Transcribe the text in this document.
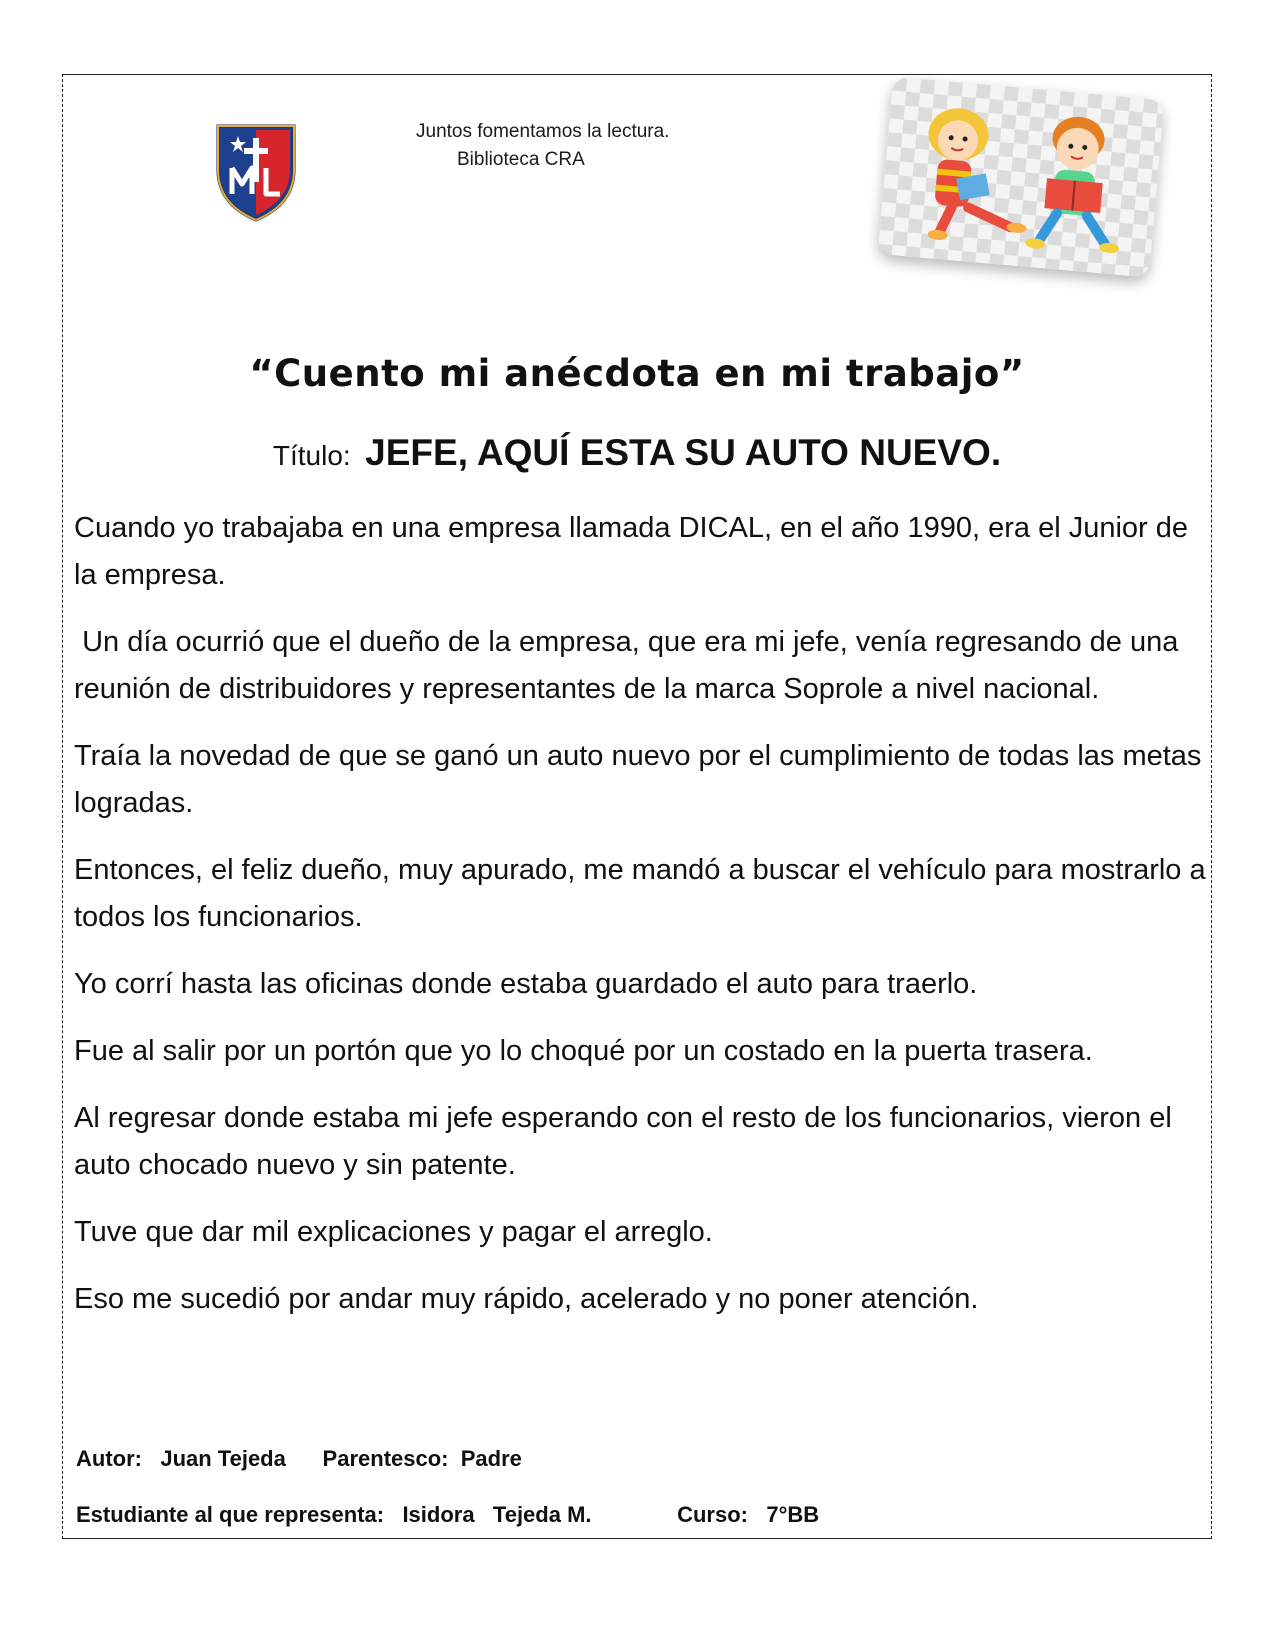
Juntos fomentamos la lectura.
Biblioteca CRA
“Cuento mi anécdota en mi trabajo”
Título: JEFE, AQUÍ ESTA SU AUTO NUEVO.

Cuando yo trabajaba en una empresa llamada DICAL, en el año 1990, era el Junior de la empresa.

Un día ocurrió que el dueño de la empresa, que era mi jefe, venía regresando de una reunión de distribuidores y representantes de la marca Soprole a nivel nacional.

Traía la novedad de que se ganó un auto nuevo por el cumplimiento de todas las metas logradas.

Entonces, el feliz dueño, muy apurado, me mandó a buscar el vehículo para mostrarlo a todos los funcionarios.

Yo corrí hasta las oficinas donde estaba guardado el auto para traerlo.

Fue al salir por un portón que yo lo choqué por un costado en la puerta trasera.

Al regresar donde estaba mi jefe esperando con el resto de los funcionarios, vieron el auto chocado nuevo y sin patente.

Tuve que dar mil explicaciones y pagar el arreglo.

Eso me sucedió por andar muy rápido, acelerado y no poner atención.

Autor: Juan Tejeda Parentesco: Padre
Estudiante al que representa: Isidora   Tejeda M.	Curso: 7°BB
